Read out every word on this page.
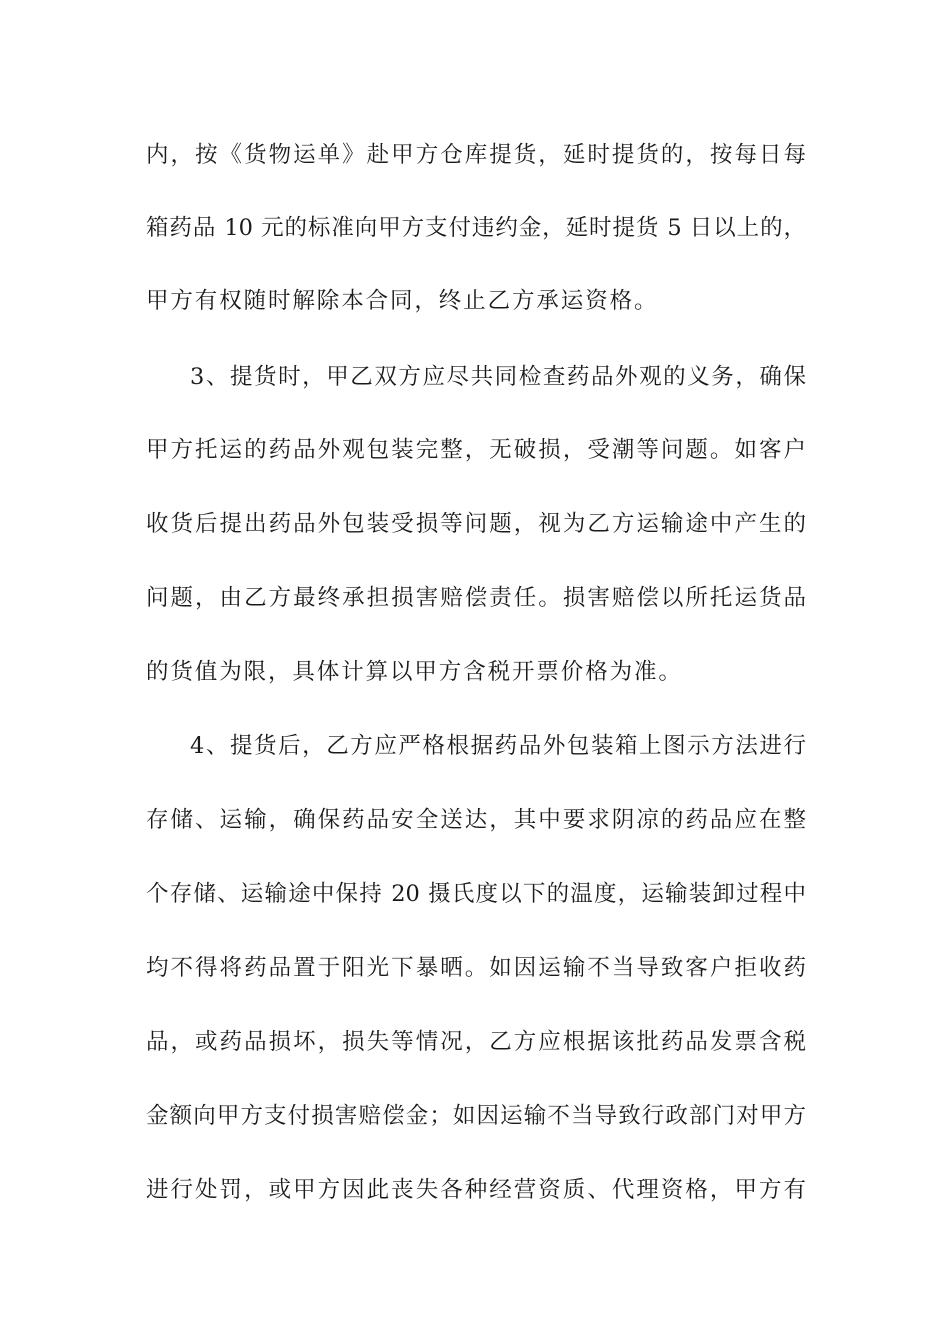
内，按《货物运单》赴甲方仓库提货，延时提货的，按每日每
箱药品 10 元的标准向甲方支付违约金，延时提货 5 日以上的，
甲方有权随时解除本合同，终止乙方承运资格。
3、提货时，甲乙双方应尽共同检查药品外观的义务，确保
甲方托运的药品外观包装完整，无破损，受潮等问题。如客户
收货后提出药品外包装受损等问题，视为乙方运输途中产生的
问题，由乙方最终承担损害赔偿责任。损害赔偿以所托运货品
的货值为限，具体计算以甲方含税开票价格为准。
4、提货后，乙方应严格根据药品外包装箱上图示方法进行
存储、运输，确保药品安全送达，其中要求阴凉的药品应在整
个存储、运输途中保持 20 摄氏度以下的温度，运输装卸过程中
均不得将药品置于阳光下暴晒。如因运输不当导致客户拒收药
品，或药品损坏，损失等情况，乙方应根据该批药品发票含税
金额向甲方支付损害赔偿金；如因运输不当导致行政部门对甲方
进行处罚，或甲方因此丧失各种经营资质、代理资格，甲方有
